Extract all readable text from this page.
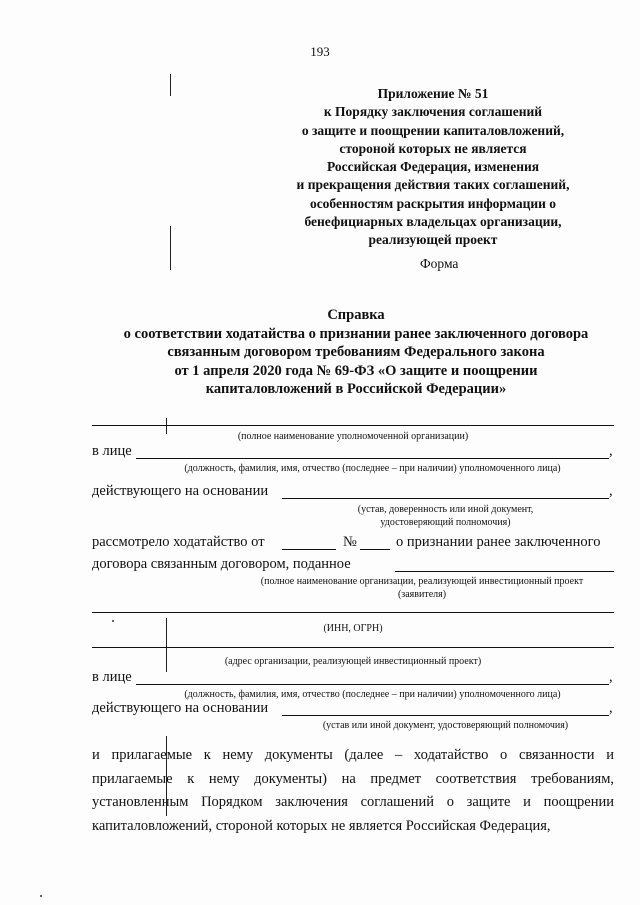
193
Приложение № 51
к Порядку заключения соглашений
о защите и поощрении капиталовложений,
стороной которых не является
Российская Федерация, изменения
и прекращения действия таких соглашений,
особенностям раскрытия информации о
бенефициарных владельцах организации,
реализующей проект
Форма
Справка
о соответствии ходатайства о признании ранее заключенного договора
связанным договором требованиям Федерального закона
от 1 апреля 2020 года № 69-ФЗ «О защите и поощрении
капиталовложений в Российской Федерации»
(полное наименование уполномоченной организации)
в лице	,
(должность, фамилия, имя, отчество (последнее – при наличии) уполномоченного лица)
действующего на основании	,
(устав, доверенность или иной документ,
удостоверяющий полномочия)
рассмотрело ходатайство от	№	о признании ранее заключенного
договора связанным договором, поданное
(полное наименование организации, реализующей инвестиционный проект
(заявителя)
(ИНН, ОГРН)
(адрес организации, реализующей инвестиционный проект)
в лице	,
(должность, фамилия, имя, отчество (последнее – при наличии) уполномоченного лица)
действующего на основании	,
(устав или иной документ, удостоверяющий полномочия)
и прилагаемые к нему документы (далее – ходатайство о связанности и прилагаемые к нему документы) на предмет соответствия требованиям, установленным Порядком заключения соглашений о защите и поощрении капиталовложений, стороной которых не является Российская Федерация,
